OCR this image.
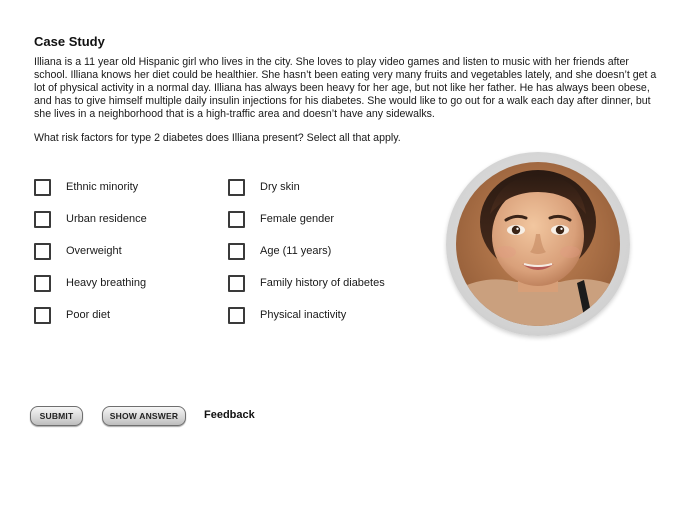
Case Study
Illiana is a 11 year old Hispanic girl who lives in the city. She loves to play video games and listen to music with her friends after school. Illiana knows her diet could be healthier. She hasn’t been eating very many fruits and vegetables lately, and she doesn’t get a lot of physical activity in a normal day. Illiana has always been heavy for her age, but not like her father. He has always been obese, and has to give himself multiple daily insulin injections for his diabetes. She would like to go out for a walk each day after dinner, but she lives in a neighborhood that is a high-traffic area and doesn’t have any sidewalks.
What risk factors for type 2 diabetes does Illiana present? Select all that apply.
Ethnic minority
Urban residence
Overweight
Heavy breathing
Poor diet
Dry skin
Female gender
Age (11 years)
Family history of diabetes
Physical inactivity
SUBMIT	SHOW ANSWER	Feedback
